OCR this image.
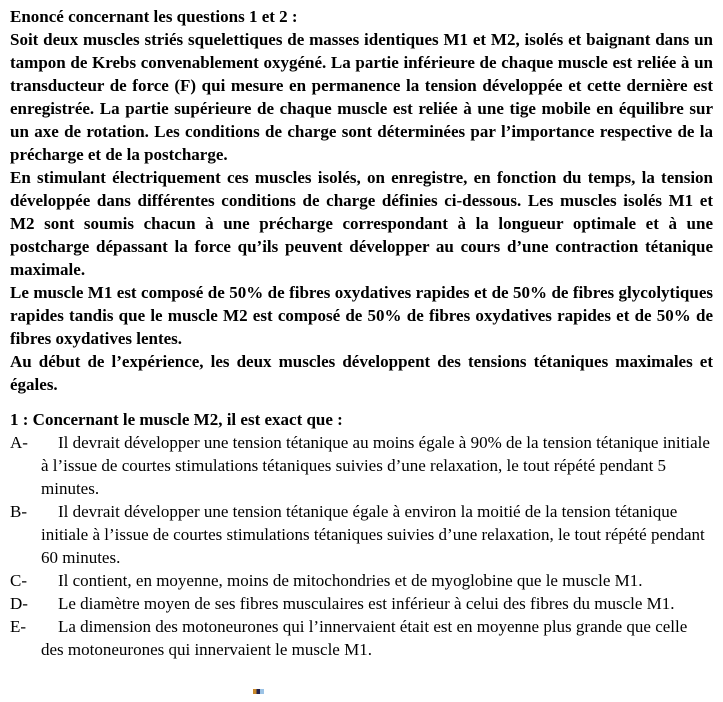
Enoncé concernant les questions 1 et 2 :

Soit deux muscles striés squelettiques de masses identiques M1 et M2, isolés et baignant dans un tampon de Krebs convenablement oxygéné. La partie inférieure de chaque muscle est reliée à un transducteur de force (F) qui mesure en permanence la tension développée et cette dernière est enregistrée. La partie supérieure de chaque muscle est reliée à une tige mobile en équilibre sur un axe de rotation. Les conditions de charge sont déterminées par l’importance respective de la précharge et de la postcharge.

En stimulant électriquement ces muscles isolés, on enregistre, en fonction du temps, la tension développée dans différentes conditions de charge définies ci-dessous. Les muscles isolés M1 et M2 sont soumis chacun à une précharge correspondant à la longueur optimale et à une postcharge dépassant la force qu’ils peuvent développer au cours d’une contraction tétanique maximale.

Le muscle M1 est composé de 50% de fibres oxydatives rapides et de 50% de fibres glycolytiques rapides tandis que le muscle M2 est composé de 50% de fibres oxydatives rapides et de 50% de fibres oxydatives lentes.

Au début de l’expérience, les deux muscles développent des tensions tétaniques maximales et égales.

1 : Concernant le muscle M2, il est exact que :

A- Il devrait développer une tension tétanique au moins égale à 90% de la tension tétanique initiale à l’issue de courtes stimulations tétaniques suivies d’une relaxation, le tout répété pendant 5 minutes.
B- Il devrait développer une tension tétanique égale à environ la moitié de la tension tétanique initiale à l’issue de courtes stimulations tétaniques suivies d’une relaxation, le tout répété pendant 60 minutes.
C- Il contient, en moyenne, moins de mitochondries et de myoglobine que le muscle M1.
D- Le diamètre moyen de ses fibres musculaires est inférieur à celui des fibres du muscle M1.
E- La dimension des motoneurones qui l’innervaient était est en moyenne plus grande que celle des motoneurones qui innervaient le muscle M1.
